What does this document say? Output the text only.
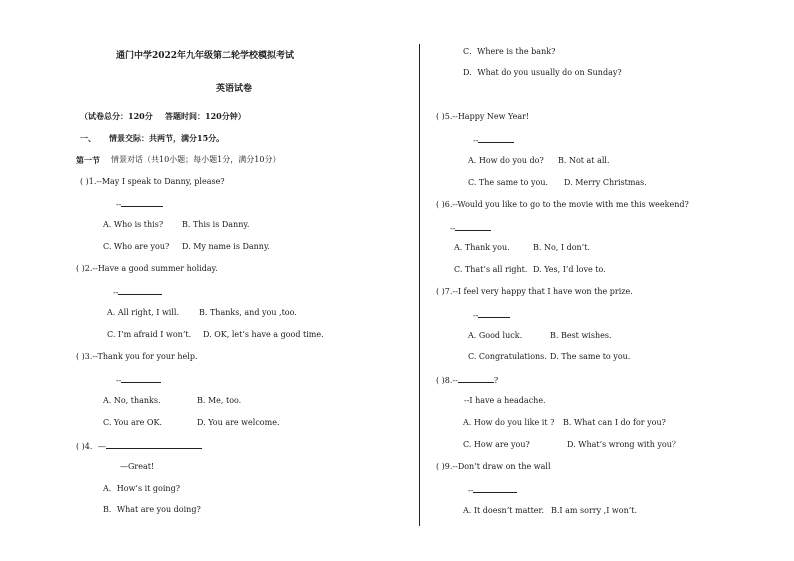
通门中学2022年九年级第二轮学校模拟考试
英语试卷
（试卷总分：120分 答题时间：120分钟）
一、 情景交际：共两节，满分15分。
第一节 情景对话（共10小题；每小题1分，满分10分）
( )1.--May I speak to Danny, please?
--
A. Who is this? B. This is Danny.
C. Who are you? D. My name is Danny.
( )2.--Have a good summer holiday.
--
A. All right, I will. B. Thanks, and you ,too.
C. I’m afraid I won’t. D. OK, let’s have a good time.
( )3.--Thank you for your help.
--
A. No, thanks.	B. Me, too.
C. You are OK.	D. You are welcome.
( )4．—
—Great!
A．How’s it going?
B．What are you doing?
C．Where is the bank?
D．What do you usually do on Sunday?
( )5.--Happy New Year!
--
A. How do you do? B. Not at all.
C. The same to you. D. Merry Christmas.
( )6.--Would you like to go to the movie with me this weekend?
--
A. Thank you.	B. No, I don’t.
C. That’s all right. D. Yes, I’d love to.
( )7.--I feel very happy that I have won the prize.
--
A. Good luck.	B. Best wishes.
C. Congratulations. D. The same to you.
( )8.--	?
--I have a headache.
A. How do you like it ? B. What can I do for you?
C. How are you?	D. What’s wrong with you？
( )9.--Don’t draw on the wall
--
A. It doesn’t matter. B.I am sorry ,I won’t.
